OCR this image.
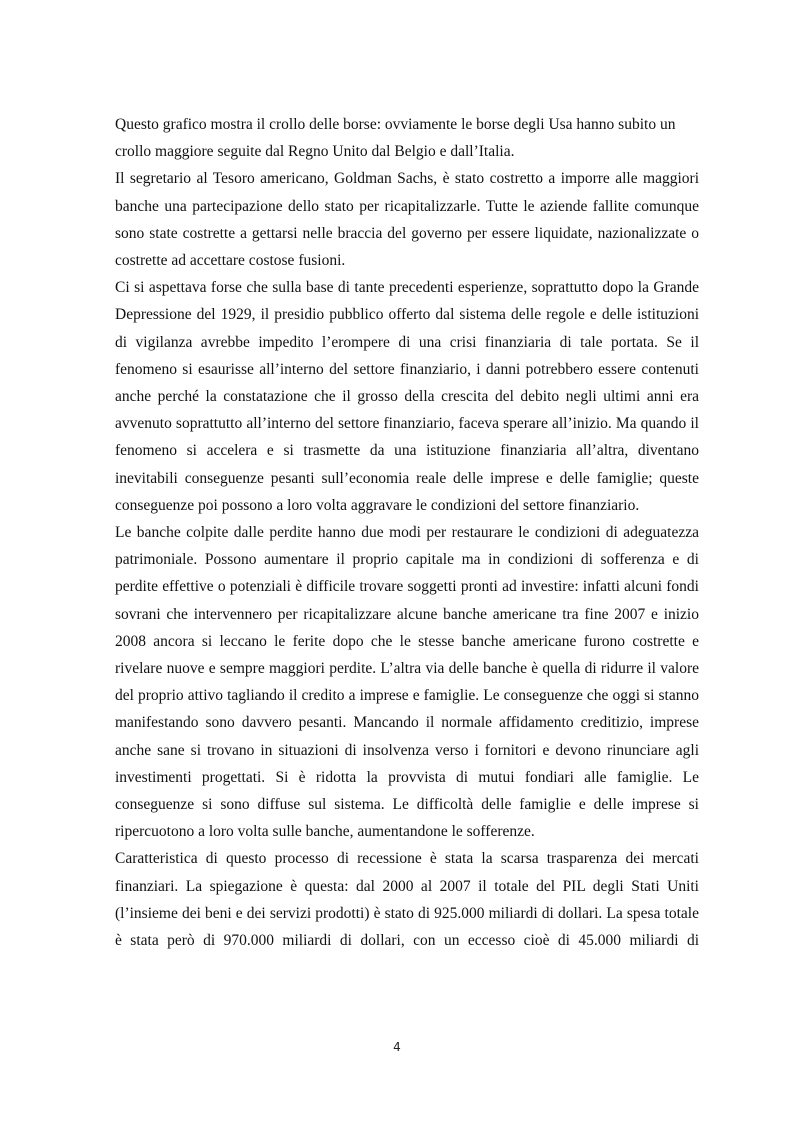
Questo grafico mostra il crollo delle borse: ovviamente le borse degli Usa hanno subito un crollo maggiore seguite dal Regno Unito dal Belgio e dall’Italia.

Il segretario al Tesoro americano, Goldman Sachs, è stato costretto a imporre alle maggiori banche una partecipazione dello stato per ricapitalizzarle. Tutte le aziende fallite comunque sono state costrette a gettarsi nelle braccia del governo per essere liquidate, nazionalizzate o costrette ad accettare costose fusioni.

Ci si aspettava forse che sulla base di tante precedenti esperienze, soprattutto dopo la Grande Depressione del 1929, il presidio pubblico offerto dal sistema delle regole e delle istituzioni di vigilanza avrebbe impedito l’erompere di una crisi finanziaria di tale portata. Se il fenomeno si esaurisse all’interno del settore finanziario, i danni potrebbero essere contenuti anche perché la constatazione che il grosso della crescita del debito negli ultimi anni era avvenuto soprattutto all’interno del settore finanziario, faceva sperare all’inizio. Ma quando il fenomeno si accelera e si trasmette da una istituzione finanziaria all’altra, diventano inevitabili conseguenze pesanti sull’economia reale delle imprese e delle famiglie; queste conseguenze poi possono a loro volta aggravare le condizioni del settore finanziario.

Le banche colpite dalle perdite hanno due modi per restaurare le condizioni di adeguatezza patrimoniale. Possono aumentare il proprio capitale ma in condizioni di sofferenza e di perdite effettive o potenziali è difficile trovare soggetti pronti ad investire: infatti alcuni fondi sovrani che intervennero per ricapitalizzare alcune banche americane tra fine 2007 e inizio 2008 ancora si leccano le ferite dopo che le stesse banche americane furono costrette e rivelare nuove e sempre maggiori perdite. L’altra via delle banche è quella di ridurre il valore del proprio attivo tagliando il credito a imprese e famiglie. Le conseguenze che oggi si stanno manifestando sono davvero pesanti. Mancando il normale affidamento creditizio, imprese anche sane si trovano in situazioni di insolvenza verso i fornitori e devono rinunciare agli investimenti progettati. Si è ridotta la provvista di mutui fondiari alle famiglie. Le conseguenze si sono diffuse sul sistema. Le difficoltà delle famiglie e delle imprese si ripercuotono a loro volta sulle banche, aumentandone le sofferenze.

Caratteristica di questo processo di recessione è stata la scarsa trasparenza dei mercati finanziari. La spiegazione è questa: dal 2000 al 2007 il totale del PIL degli Stati Uniti (l’insieme dei beni e dei servizi prodotti) è stato di 925.000 miliardi di dollari. La spesa totale è stata però di 970.000 miliardi di dollari, con un eccesso cioè di 45.000 miliardi di

4
